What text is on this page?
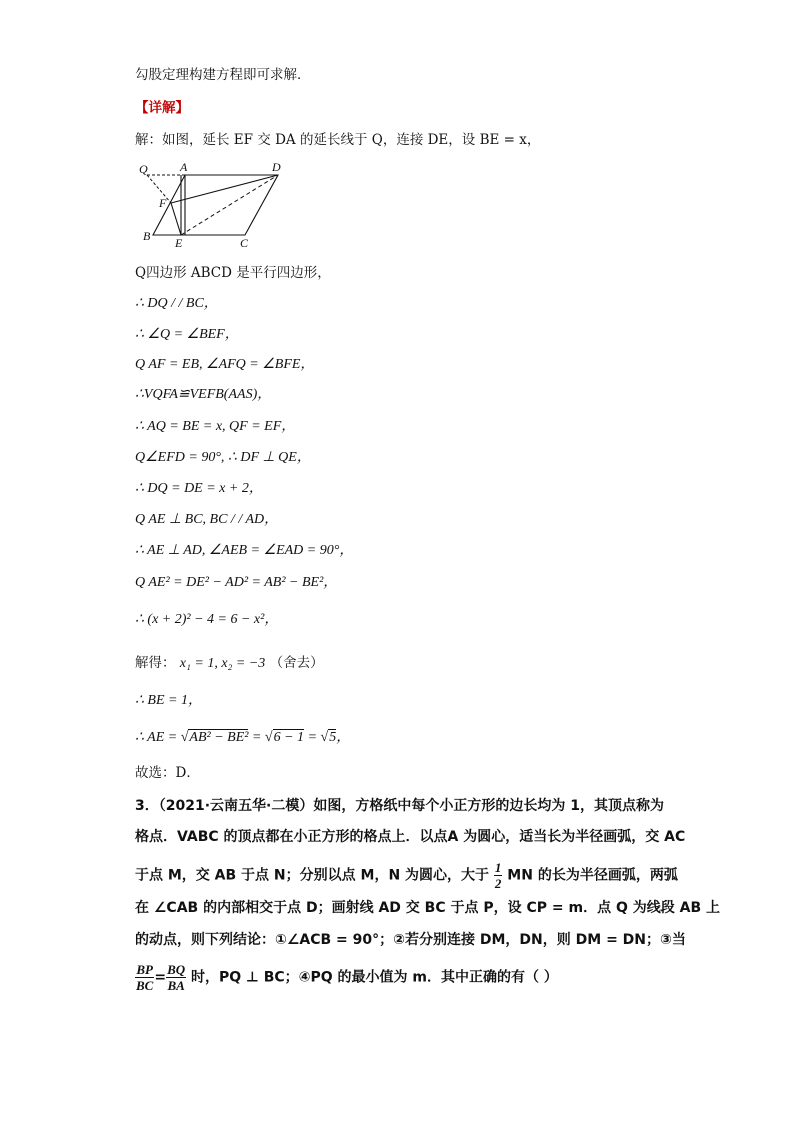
勾股定理构建方程即可求解．
【详解】
解：如图，延长 EF 交 DA 的延长线于 Q，连接 DE，设 BE = x，
Q	A	D
F
B E	C
Q四边形 ABCD 是平行四边形，
∴ DQ / / BC，
∴ ∠Q = ∠BEF，
Q AF = EB, ∠AFQ = ∠BFE，
∴VQFA≌VEFB(AAS)，
∴ AQ = BE = x, QF = EF，
Q∠EFD = 90°, ∴ DF ⊥ QE，
∴ DQ = DE = x + 2，
Q AE ⊥ BC, BC / / AD，
∴ AE ⊥ AD, ∠AEB = ∠EAD = 90°，
Q AE² = DE² − AD² = AB² − BE²，
∴ (x + 2)² − 4 = 6 − x²，
解得： x₁ = 1, x₂ = −3 （舍去）
∴ BE = 1，
∴ AE = √AB² − BE² = √6 − 1 = √5，
故选：D．
3．（2021·云南五华·二模）如图，方格纸中每个小正方形的边长均为 1，其顶点称为
格点．VABC 的顶点都在小正方形的格点上．以点A 为圆心，适当长为半径画弧，交 AC
于点 M，交 AB 于点 N；分别以点 M，N 为圆心，大于 $\frac{1}{2}$ MN 的长为半径画弧，两弧
在 ∠CAB 的内部相交于点 D；画射线 AD 交 BC 于点 P，设 CP = m．点 Q 为线段 AB 上
的动点，则下列结论：①∠ACB = 90°；②若分别连接 DM，DN，则 DM = DN；③当
$\frac{BP}{BC} = \frac{BQ}{BA}$ 时，PQ ⊥ BC；④PQ 的最小值为 m．其中正确的有（ ）
